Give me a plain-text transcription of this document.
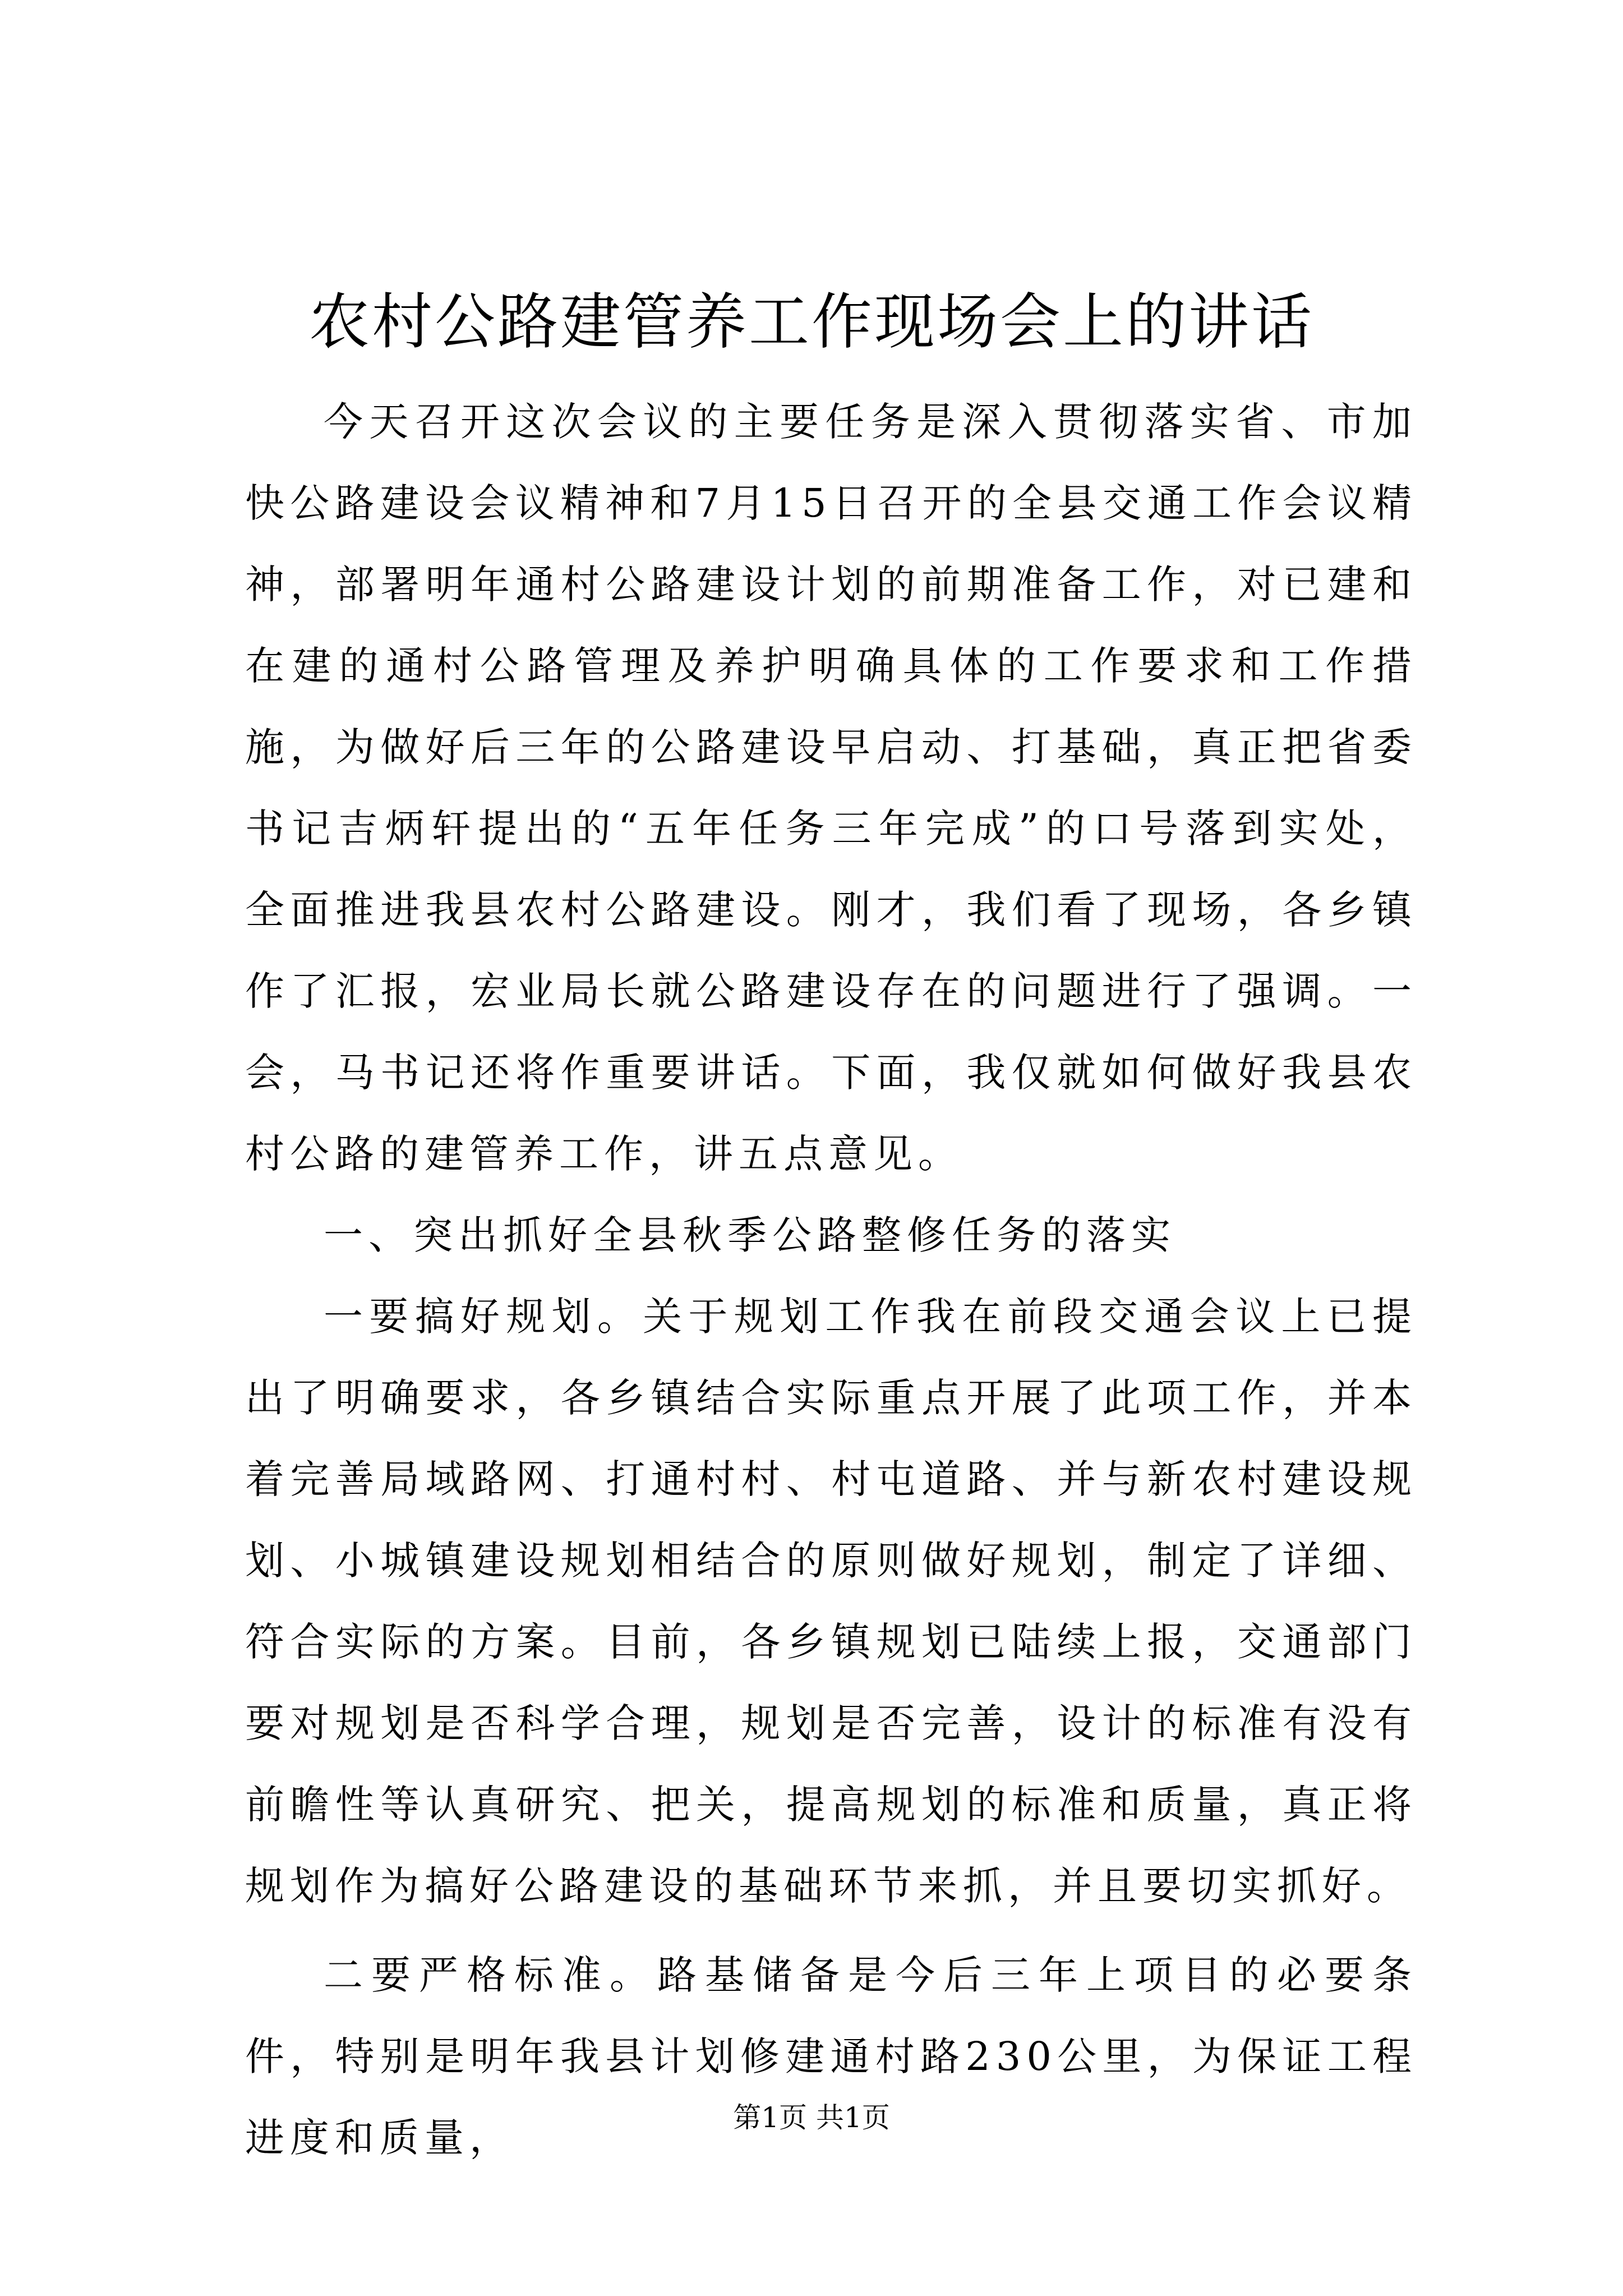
农村公路建管养工作现场会上的讲话

今天召开这次会议的主要任务是深入贯彻落实省、市加快公路建设会议精神和7月15日召开的全县交通工作会议精神，部署明年通村公路建设计划的前期准备工作，对已建和在建的通村公路管理及养护明确具体的工作要求和工作措施，为做好后三年的公路建设早启动、打基础，真正把省委书记吉炳轩提出的“五年任务三年完成”的口号落到实处，全面推进我县农村公路建设。刚才，我们看了现场，各乡镇作了汇报，宏业局长就公路建设存在的问题进行了强调。一会，马书记还将作重要讲话。下面，我仅就如何做好我县农村公路的建管养工作，讲五点意见。

一、突出抓好全县秋季公路整修任务的落实

一要搞好规划。关于规划工作我在前段交通会议上已提出了明确要求，各乡镇结合实际重点开展了此项工作，并本着完善局域路网、打通村村、村屯道路、并与新农村建设规划、小城镇建设规划相结合的原则做好规划，制定了详细、符合实际的方案。目前，各乡镇规划已陆续上报，交通部门要对规划是否科学合理，规划是否完善，设计的标准有没有前瞻性等认真研究、把关，提高规划的标准和质量，真正将规划作为搞好公路建设的基础环节来抓，并且要切实抓好。

二要严格标准。路基储备是今后三年上项目的必要条件，特别是明年我县计划修建通村路230公里，为保证工程进度和质量，	第1页 共1页
